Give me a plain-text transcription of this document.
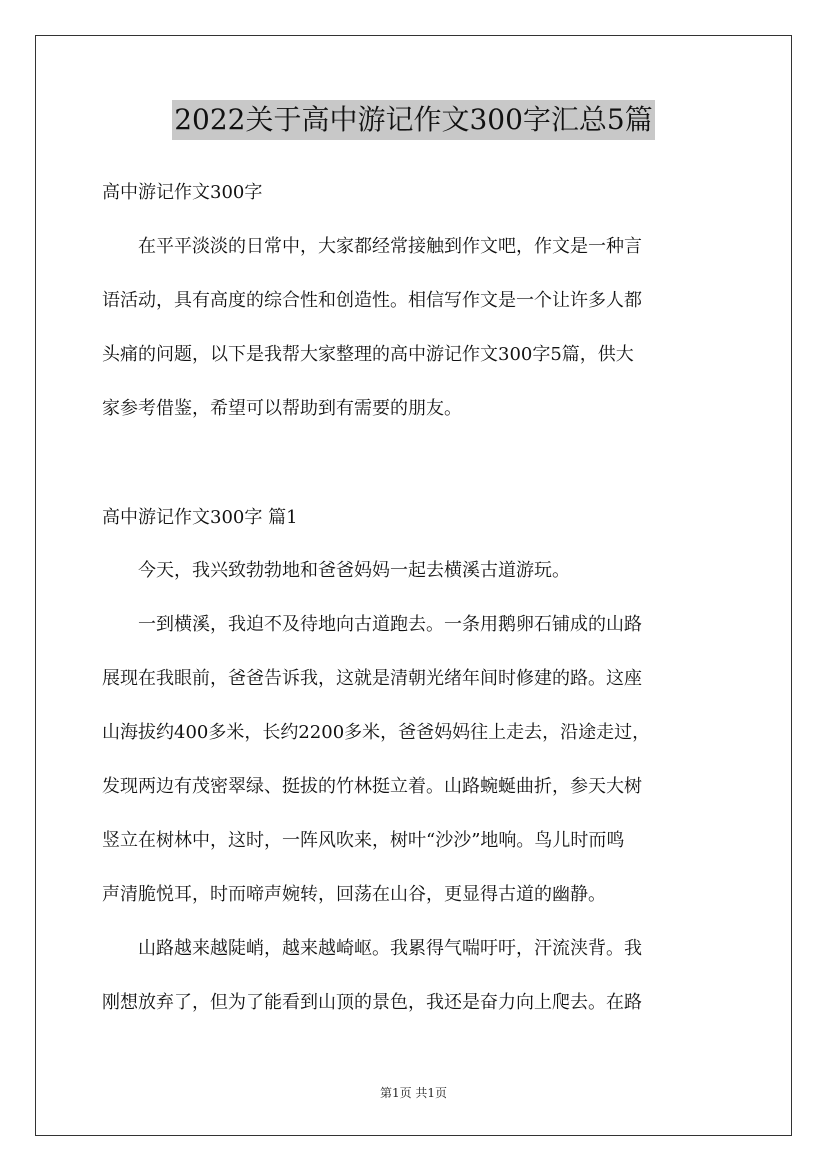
2022关于高中游记作文300字汇总5篇
高中游记作文300字
　　在平平淡淡的日常中，大家都经常接触到作文吧，作文是一种言
语活动，具有高度的综合性和创造性。相信写作文是一个让许多人都
头痛的问题，以下是我帮大家整理的高中游记作文300字5篇，供大
家参考借鉴，希望可以帮助到有需要的朋友。
高中游记作文300字 篇1
　　今天，我兴致勃勃地和爸爸妈妈一起去横溪古道游玩。
　　一到横溪，我迫不及待地向古道跑去。一条用鹅卵石铺成的山路
展现在我眼前，爸爸告诉我，这就是清朝光绪年间时修建的路。这座
山海拔约400多米，长约2200多米，爸爸妈妈往上走去，沿途走过，
发现两边有茂密翠绿、挺拔的竹林挺立着。山路蜿蜒曲折，参天大树
竖立在树林中，这时，一阵风吹来，树叶“沙沙”地响。鸟儿时而鸣
声清脆悦耳，时而啼声婉转，回荡在山谷，更显得古道的幽静。
　　山路越来越陡峭，越来越崎岖。我累得气喘吁吁，汗流浃背。我
刚想放弃了，但为了能看到山顶的景色，我还是奋力向上爬去。在路
第1页 共1页
